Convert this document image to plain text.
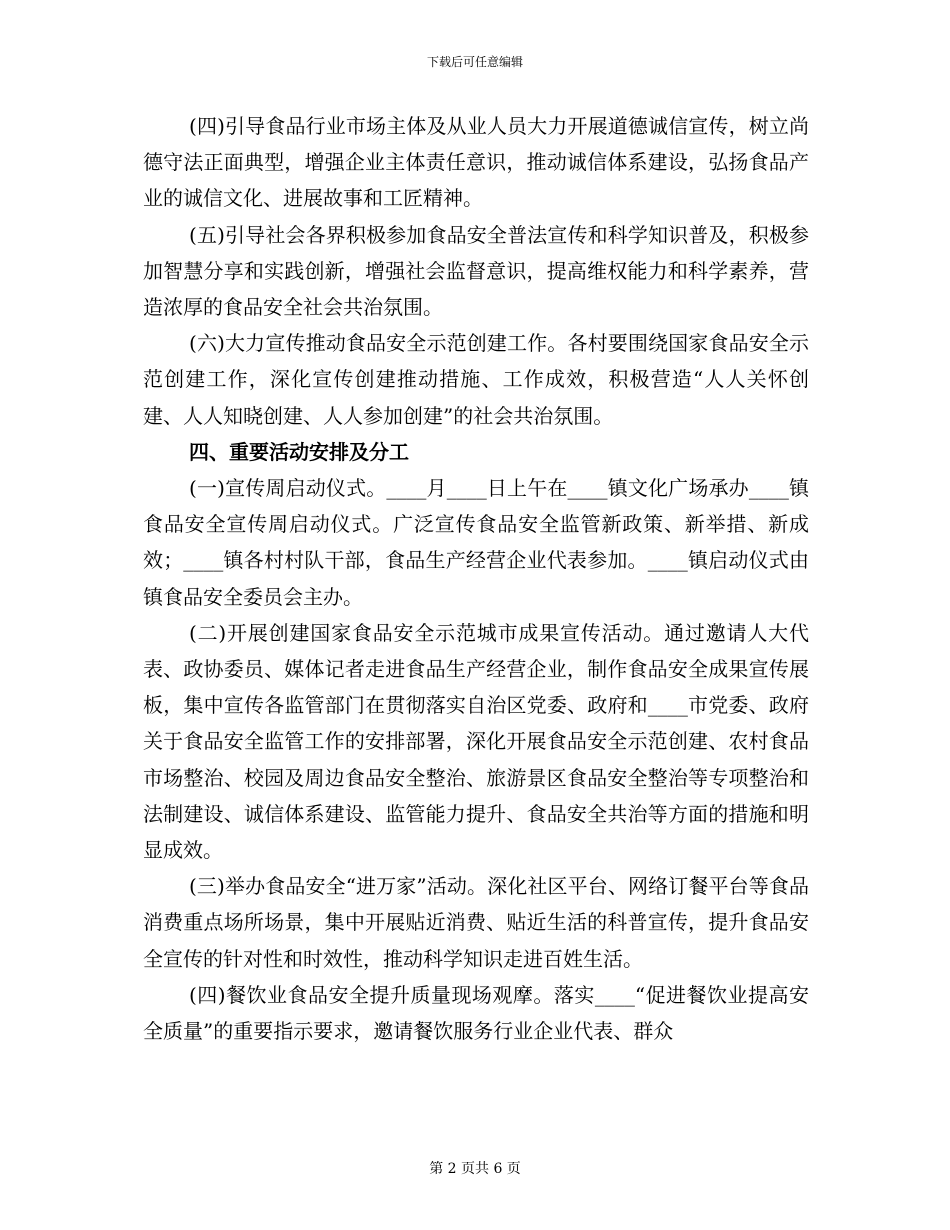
下载后可任意编辑

(四)引导食品行业市场主体及从业人员大力开展道德诚信宣传，树立尚德守法正面典型，增强企业主体责任意识，推动诚信体系建设，弘扬食品产业的诚信文化、进展故事和工匠精神。

(五)引导社会各界积极参加食品安全普法宣传和科学知识普及，积极参加智慧分享和实践创新，增强社会监督意识，提高维权能力和科学素养，营造浓厚的食品安全社会共治氛围。

(六)大力宣传推动食品安全示范创建工作。各村要围绕国家食品安全示范创建工作，深化宣传创建推动措施、工作成效，积极营造“人人关怀创建、人人知晓创建、人人参加创建”的社会共治氛围。

四、重要活动安排及分工

(一)宣传周启动仪式。____月____日上午在____镇文化广场承办____镇食品安全宣传周启动仪式。广泛宣传食品安全监管新政策、新举措、新成效；____镇各村村队干部，食品生产经营企业代表参加。____镇启动仪式由镇食品安全委员会主办。

(二)开展创建国家食品安全示范城市成果宣传活动。通过邀请人大代表、政协委员、媒体记者走进食品生产经营企业，制作食品安全成果宣传展板，集中宣传各监管部门在贯彻落实自治区党委、政府和____市党委、政府关于食品安全监管工作的安排部署，深化开展食品安全示范创建、农村食品市场整治、校园及周边食品安全整治、旅游景区食品安全整治等专项整治和法制建设、诚信体系建设、监管能力提升、食品安全共治等方面的措施和明显成效。

(三)举办食品安全“进万家”活动。深化社区平台、网络订餐平台等食品消费重点场所场景，集中开展贴近消费、贴近生活的科普宣传，提升食品安全宣传的针对性和时效性，推动科学知识走进百姓生活。

(四)餐饮业食品安全提升质量现场观摩。落实____“促进餐饮业提高安全质量”的重要指示要求，邀请餐饮服务行业企业代表、群众

第 2 页共 6 页
